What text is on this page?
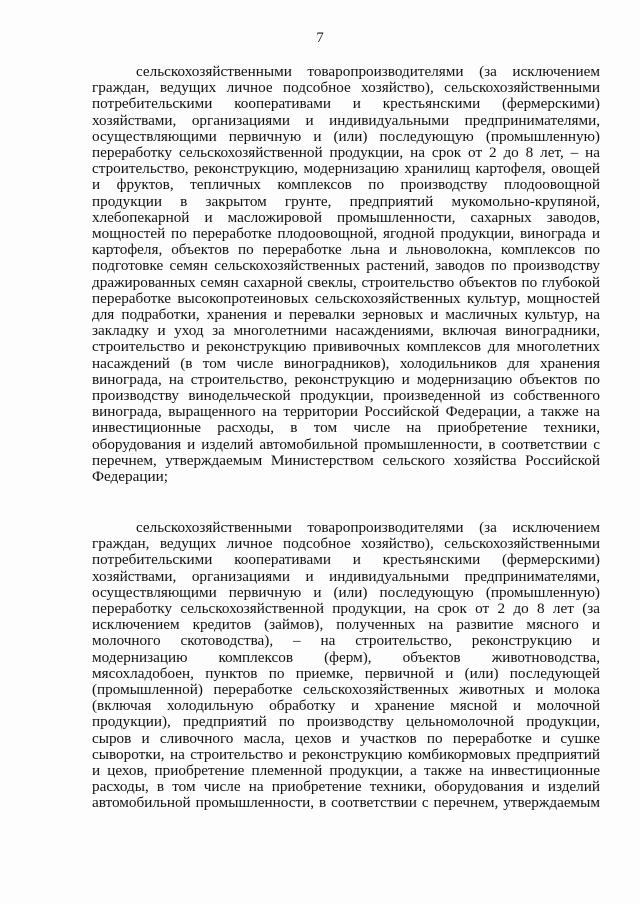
7
сельскохозяйственными товаропроизводителями (за исключением
граждан, ведущих личное подсобное хозяйство), сельскохозяйственными
потребительскими кооперативами и крестьянскими (фермерскими)
хозяйствами, организациями и индивидуальными предпринимателями,
осуществляющими первичную и (или) последующую (промышленную)
переработку сельскохозяйственной продукции, на срок от 2 до 8 лет, – на
строительство, реконструкцию, модернизацию хранилищ картофеля, овощей
и фруктов, тепличных комплексов по производству плодоовощной
продукции в закрытом грунте, предприятий мукомольно-крупяной,
хлебопекарной и масложировой промышленности, сахарных заводов,
мощностей по переработке плодоовощной, ягодной продукции, винограда и
картофеля, объектов по переработке льна и льноволокна, комплексов по
подготовке семян сельскохозяйственных растений, заводов по производству
дражированных семян сахарной свеклы, строительство объектов по глубокой
переработке высокопротеиновых сельскохозяйственных культур, мощностей
для подработки, хранения и перевалки зерновых и масличных культур, на
закладку и уход за многолетними насаждениями, включая виноградники,
строительство и реконструкцию прививочных комплексов для многолетних
насаждений (в том числе виноградников), холодильников для хранения
винограда, на строительство, реконструкцию и модернизацию объектов по
производству винодельческой продукции, произведенной из собственного
винограда, выращенного на территории Российской Федерации, а также на
инвестиционные расходы, в том числе на приобретение техники,
оборудования и изделий автомобильной промышленности, в соответствии с
перечнем, утверждаемым Министерством сельского хозяйства Российской
Федерации;
сельскохозяйственными товаропроизводителями (за исключением
граждан, ведущих личное подсобное хозяйство), сельскохозяйственными
потребительскими кооперативами и крестьянскими (фермерскими)
хозяйствами, организациями и индивидуальными предпринимателями,
осуществляющими первичную и (или) последующую (промышленную)
переработку сельскохозяйственной продукции, на срок от 2 до 8 лет (за
исключением кредитов (займов), полученных на развитие мясного и
молочного скотоводства), – на строительство, реконструкцию и
модернизацию комплексов (ферм), объектов животноводства,
мясохладобоен, пунктов по приемке, первичной и (или) последующей
(промышленной) переработке сельскохозяйственных животных и молока
(включая холодильную обработку и хранение мясной и молочной
продукции), предприятий по производству цельномолочной продукции,
сыров и сливочного масла, цехов и участков по переработке и сушке
сыворотки, на строительство и реконструкцию комбикормовых предприятий
и цехов, приобретение племенной продукции, а также на инвестиционные
расходы, в том числе на приобретение техники, оборудования и изделий
автомобильной промышленности, в соответствии с перечнем, утверждаемым
